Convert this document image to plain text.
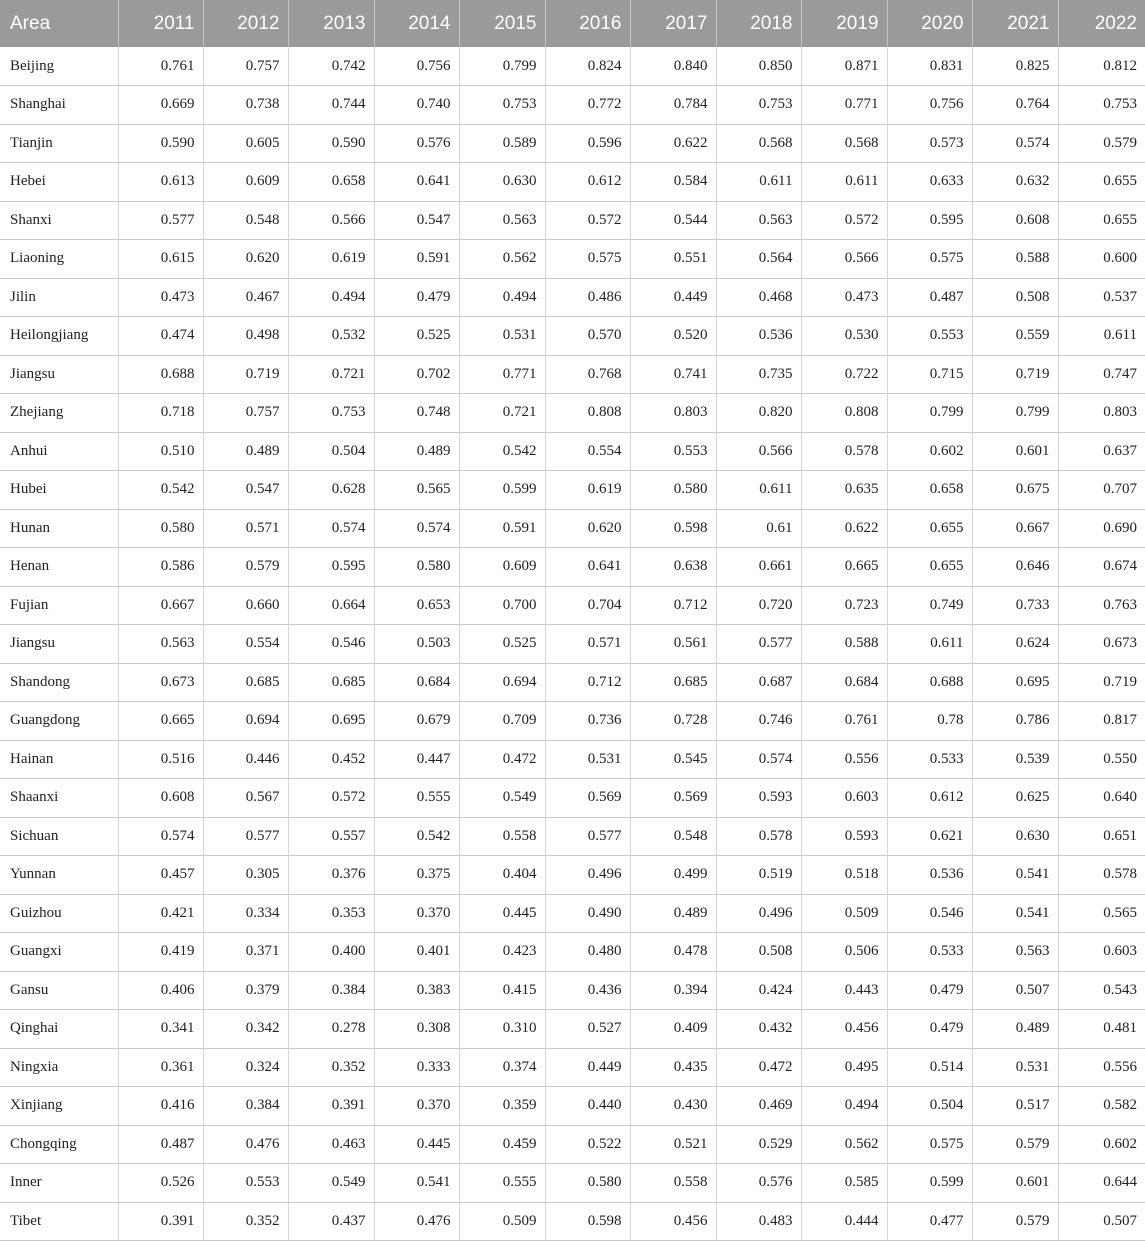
Area	2011	2012	2013	2014	2015	2016	2017	2018	2019	2020	2021	2022
Beijing	0.761	0.757	0.742	0.756	0.799	0.824	0.840	0.850	0.871	0.831	0.825	0.812
Shanghai	0.669	0.738	0.744	0.740	0.753	0.772	0.784	0.753	0.771	0.756	0.764	0.753
Tianjin	0.590	0.605	0.590	0.576	0.589	0.596	0.622	0.568	0.568	0.573	0.574	0.579
Hebei	0.613	0.609	0.658	0.641	0.630	0.612	0.584	0.611	0.611	0.633	0.632	0.655
Shanxi	0.577	0.548	0.566	0.547	0.563	0.572	0.544	0.563	0.572	0.595	0.608	0.655
Liaoning	0.615	0.620	0.619	0.591	0.562	0.575	0.551	0.564	0.566	0.575	0.588	0.600
Jilin	0.473	0.467	0.494	0.479	0.494	0.486	0.449	0.468	0.473	0.487	0.508	0.537
Heilongjiang	0.474	0.498	0.532	0.525	0.531	0.570	0.520	0.536	0.530	0.553	0.559	0.611
Jiangsu	0.688	0.719	0.721	0.702	0.771	0.768	0.741	0.735	0.722	0.715	0.719	0.747
Zhejiang	0.718	0.757	0.753	0.748	0.721	0.808	0.803	0.820	0.808	0.799	0.799	0.803
Anhui	0.510	0.489	0.504	0.489	0.542	0.554	0.553	0.566	0.578	0.602	0.601	0.637
Hubei	0.542	0.547	0.628	0.565	0.599	0.619	0.580	0.611	0.635	0.658	0.675	0.707
Hunan	0.580	0.571	0.574	0.574	0.591	0.620	0.598	0.61	0.622	0.655	0.667	0.690
Henan	0.586	0.579	0.595	0.580	0.609	0.641	0.638	0.661	0.665	0.655	0.646	0.674
Fujian	0.667	0.660	0.664	0.653	0.700	0.704	0.712	0.720	0.723	0.749	0.733	0.763
Jiangsu	0.563	0.554	0.546	0.503	0.525	0.571	0.561	0.577	0.588	0.611	0.624	0.673
Shandong	0.673	0.685	0.685	0.684	0.694	0.712	0.685	0.687	0.684	0.688	0.695	0.719
Guangdong	0.665	0.694	0.695	0.679	0.709	0.736	0.728	0.746	0.761	0.78	0.786	0.817
Hainan	0.516	0.446	0.452	0.447	0.472	0.531	0.545	0.574	0.556	0.533	0.539	0.550
Shaanxi	0.608	0.567	0.572	0.555	0.549	0.569	0.569	0.593	0.603	0.612	0.625	0.640
Sichuan	0.574	0.577	0.557	0.542	0.558	0.577	0.548	0.578	0.593	0.621	0.630	0.651
Yunnan	0.457	0.305	0.376	0.375	0.404	0.496	0.499	0.519	0.518	0.536	0.541	0.578
Guizhou	0.421	0.334	0.353	0.370	0.445	0.490	0.489	0.496	0.509	0.546	0.541	0.565
Guangxi	0.419	0.371	0.400	0.401	0.423	0.480	0.478	0.508	0.506	0.533	0.563	0.603
Gansu	0.406	0.379	0.384	0.383	0.415	0.436	0.394	0.424	0.443	0.479	0.507	0.543
Qinghai	0.341	0.342	0.278	0.308	0.310	0.527	0.409	0.432	0.456	0.479	0.489	0.481
Ningxia	0.361	0.324	0.352	0.333	0.374	0.449	0.435	0.472	0.495	0.514	0.531	0.556
Xinjiang	0.416	0.384	0.391	0.370	0.359	0.440	0.430	0.469	0.494	0.504	0.517	0.582
Chongqing	0.487	0.476	0.463	0.445	0.459	0.522	0.521	0.529	0.562	0.575	0.579	0.602
Inner	0.526	0.553	0.549	0.541	0.555	0.580	0.558	0.576	0.585	0.599	0.601	0.644
Tibet	0.391	0.352	0.437	0.476	0.509	0.598	0.456	0.483	0.444	0.477	0.579	0.507
